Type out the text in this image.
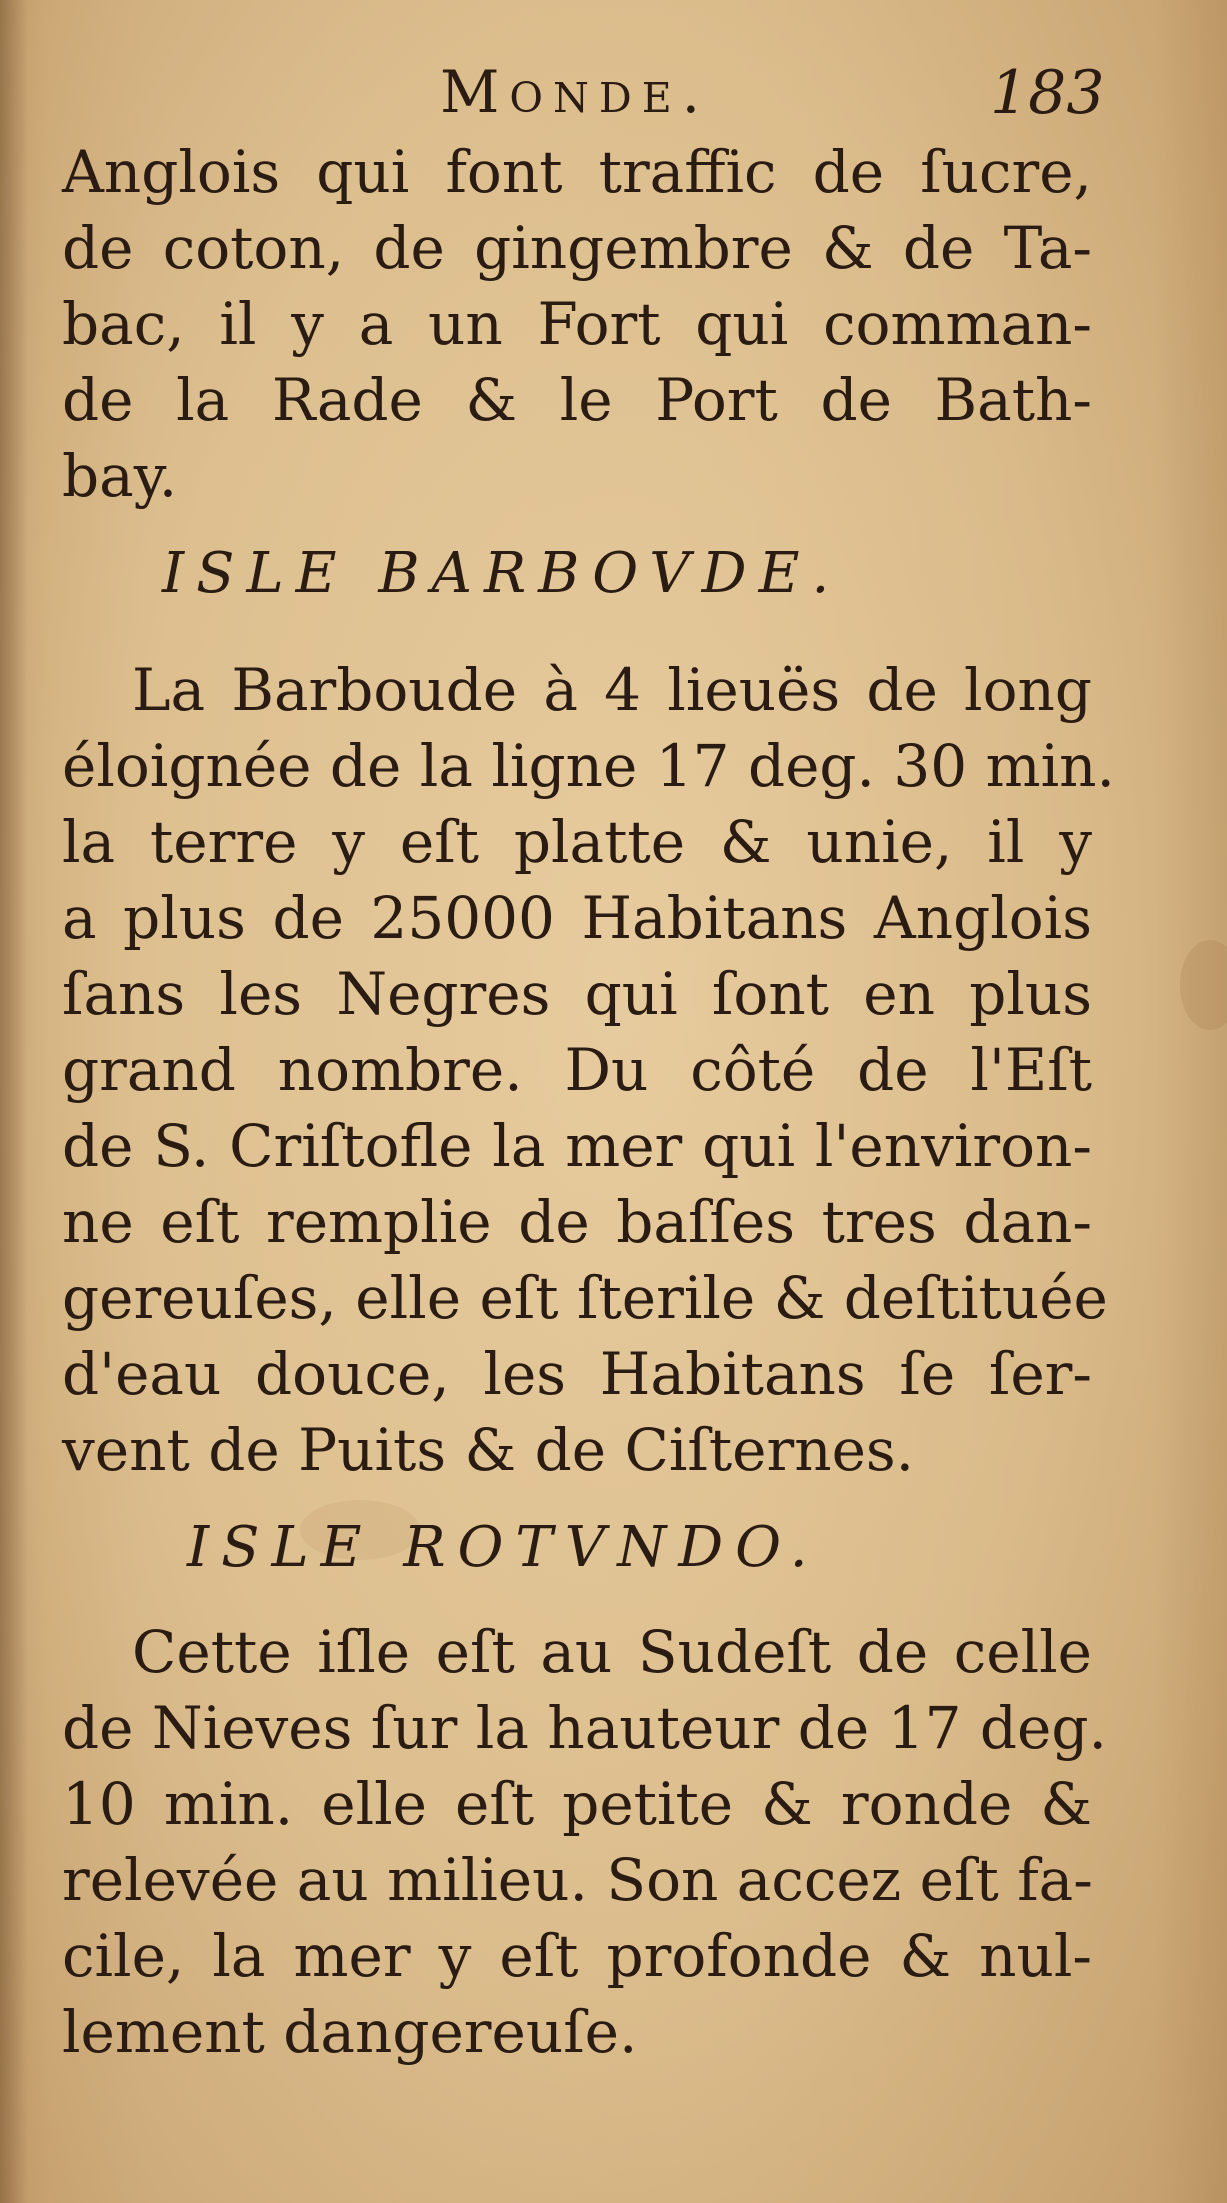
Monde.	183
Anglois qui font traffic de ſucre,
de coton, de gingembre & de Ta-
bac, il y a un Fort qui comman-
de la Rade & le Port de Bath-
bay.
ISLE BARBOVDE.
La Barboude à 4 lieuës de long
éloignée de la ligne 17 deg. 30 min.
la terre y eſt platte & unie, il y
a plus de 25000 Habitans Anglois
ſans les Negres qui ſont en plus
grand nombre. Du côté de l'Eſt
de S. Criſtofle la mer qui l'environ-
ne eſt remplie de baſſes tres dan-
gereuſes, elle eſt ſterile & deſtituée
d'eau douce, les Habitans ſe ſer-
vent de Puits & de Ciſternes.
ISLE ROTVNDO.
Cette iſle eſt au Sudeſt de celle
de Nieves ſur la hauteur de 17 deg.
10 min. elle eſt petite & ronde &
relevée au milieu. Son accez eſt fa-
cile, la mer y eſt profonde & nul-
lement dangereuſe.
